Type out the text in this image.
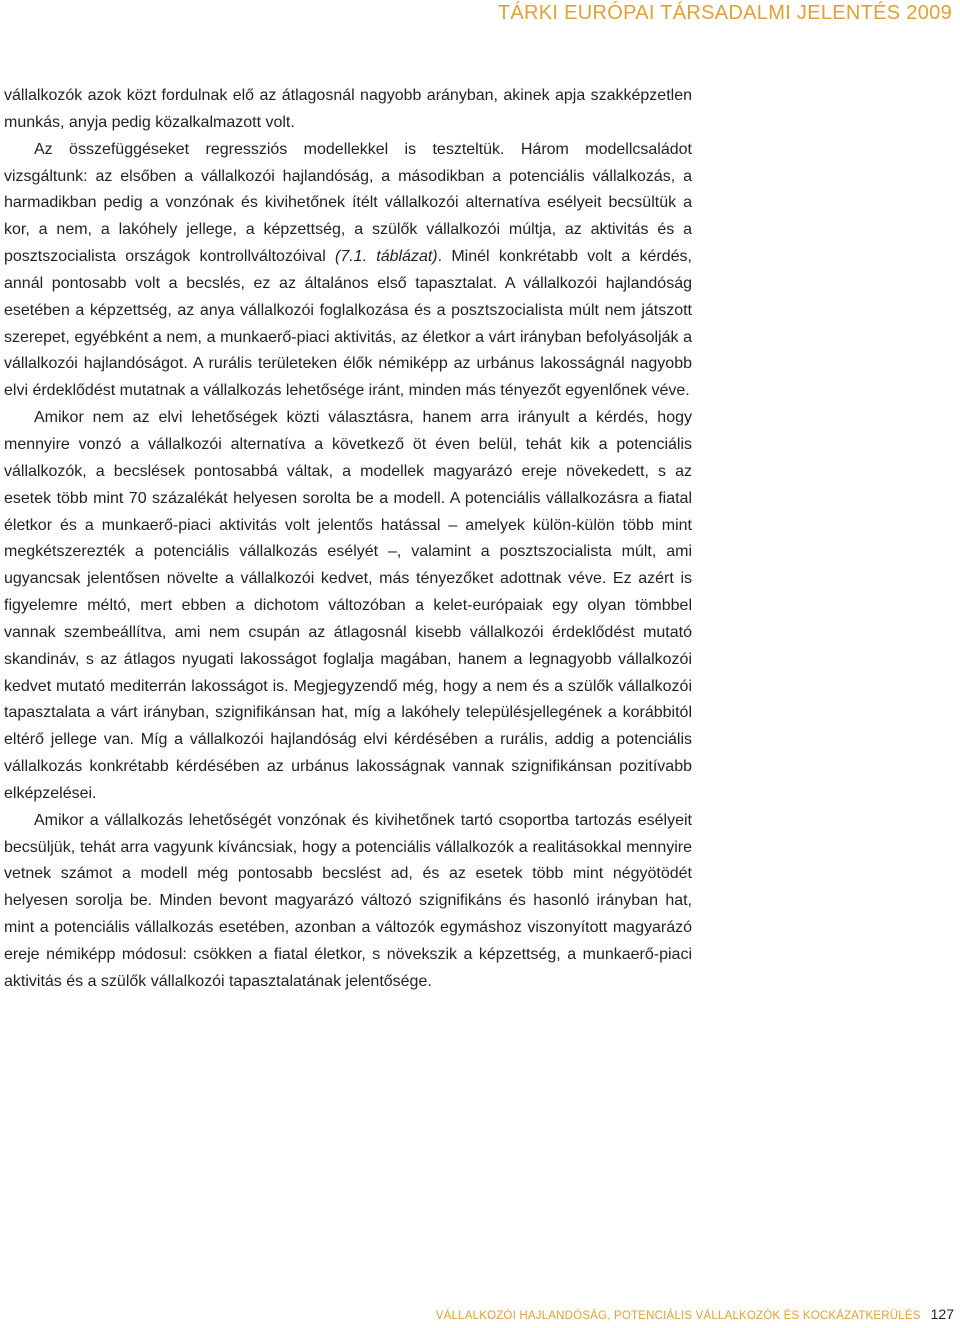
TÁRKI EURÓPAI TÁRSADALMI JELENTÉS 2009

vállalkozók azok közt fordulnak elő az átlagosnál nagyobb arányban, akinek apja szakképzetlen munkás, anyja pedig közalkalmazott volt.

Az összefüggéseket regressziós modellekkel is teszteltük. Három modellcsaládot vizsgáltunk: az elsőben a vállalkozói hajlandóság, a másodikban a potenciális vállalkozás, a harmadikban pedig a vonzónak és kivihetőnek ítélt vállalkozói alternatíva esélyeit becsültük a kor, a nem, a lakóhely jellege, a képzettség, a szülők vállalkozói múltja, az aktivitás és a posztszocialista országok kontrollváltozóival (7.1. táblázat). Minél konkrétabb volt a kérdés, annál pontosabb volt a becslés, ez az általános első tapasztalat. A vállalkozói hajlandóság esetében a képzettség, az anya vállalkozói foglalkozása és a posztszocialista múlt nem játszott szerepet, egyébként a nem, a munkaerő-piaci aktivitás, az életkor a várt irányban befolyásolják a vállalkozói hajlandóságot. A rurális területeken élők némiképp az urbánus lakosságnál nagyobb elvi érdeklődést mutatnak a vállalkozás lehetősége iránt, minden más tényezőt egyenlőnek véve.

Amikor nem az elvi lehetőségek közti választásra, hanem arra irányult a kérdés, hogy mennyire vonzó a vállalkozói alternatíva a következő öt éven belül, tehát kik a potenciális vállalkozók, a becslések pontosabbá váltak, a modellek magyarázó ereje növekedett, s az esetek több mint 70 százalékát helyesen sorolta be a modell. A potenciális vállalkozásra a fiatal életkor és a munkaerő-piaci aktivitás volt jelentős hatással – amelyek külön-külön több mint megkétszerezték a potenciális vállalkozás esélyét –, valamint a posztszocialista múlt, ami ugyancsak jelentősen növelte a vállalkozói kedvet, más tényezőket adottnak véve. Ez azért is figyelemre méltó, mert ebben a dichotom változóban a kelet-európaiak egy olyan tömbbel vannak szembeállítva, ami nem csupán az átlagosnál kisebb vállalkozói érdeklődést mutató skandináv, s az átlagos nyugati lakosságot foglalja magában, hanem a legnagyobb vállalkozói kedvet mutató mediterrán lakosságot is. Megjegyzendő még, hogy a nem és a szülők vállalkozói tapasztalata a várt irányban, szignifikánsan hat, míg a lakóhely településjellegének a korábbitól eltérő jellege van. Míg a vállalkozói hajlandóság elvi kérdésében a rurális, addig a potenciális vállalkozás konkrétabb kérdésében az urbánus lakosságnak vannak szignifikánsan pozitívabb elképzelései.

Amikor a vállalkozás lehetőségét vonzónak és kivihetőnek tartó csoportba tartozás esélyeit becsüljük, tehát arra vagyunk kíváncsiak, hogy a potenciális vállalkozók a realitásokkal mennyire vetnek számot a modell még pontosabb becslést ad, és az esetek több mint négyötödét helyesen sorolja be. Minden bevont magyarázó változó szignifikáns és hasonló irányban hat, mint a potenciális vállalkozás esetében, azonban a változók egymáshoz viszonyított magyarázó ereje némiképp módosul: csökken a fiatal életkor, s növekszik a képzettség, a munkaerő-piaci aktivitás és a szülők vállalkozói tapasztalatának jelentősége.

VÁLLALKOZÓI HAJLANDÓSÁG, POTENCIÁLIS VÁLLALKOZÓK ÉS KOCKÁZATKERÜLÉS 127
